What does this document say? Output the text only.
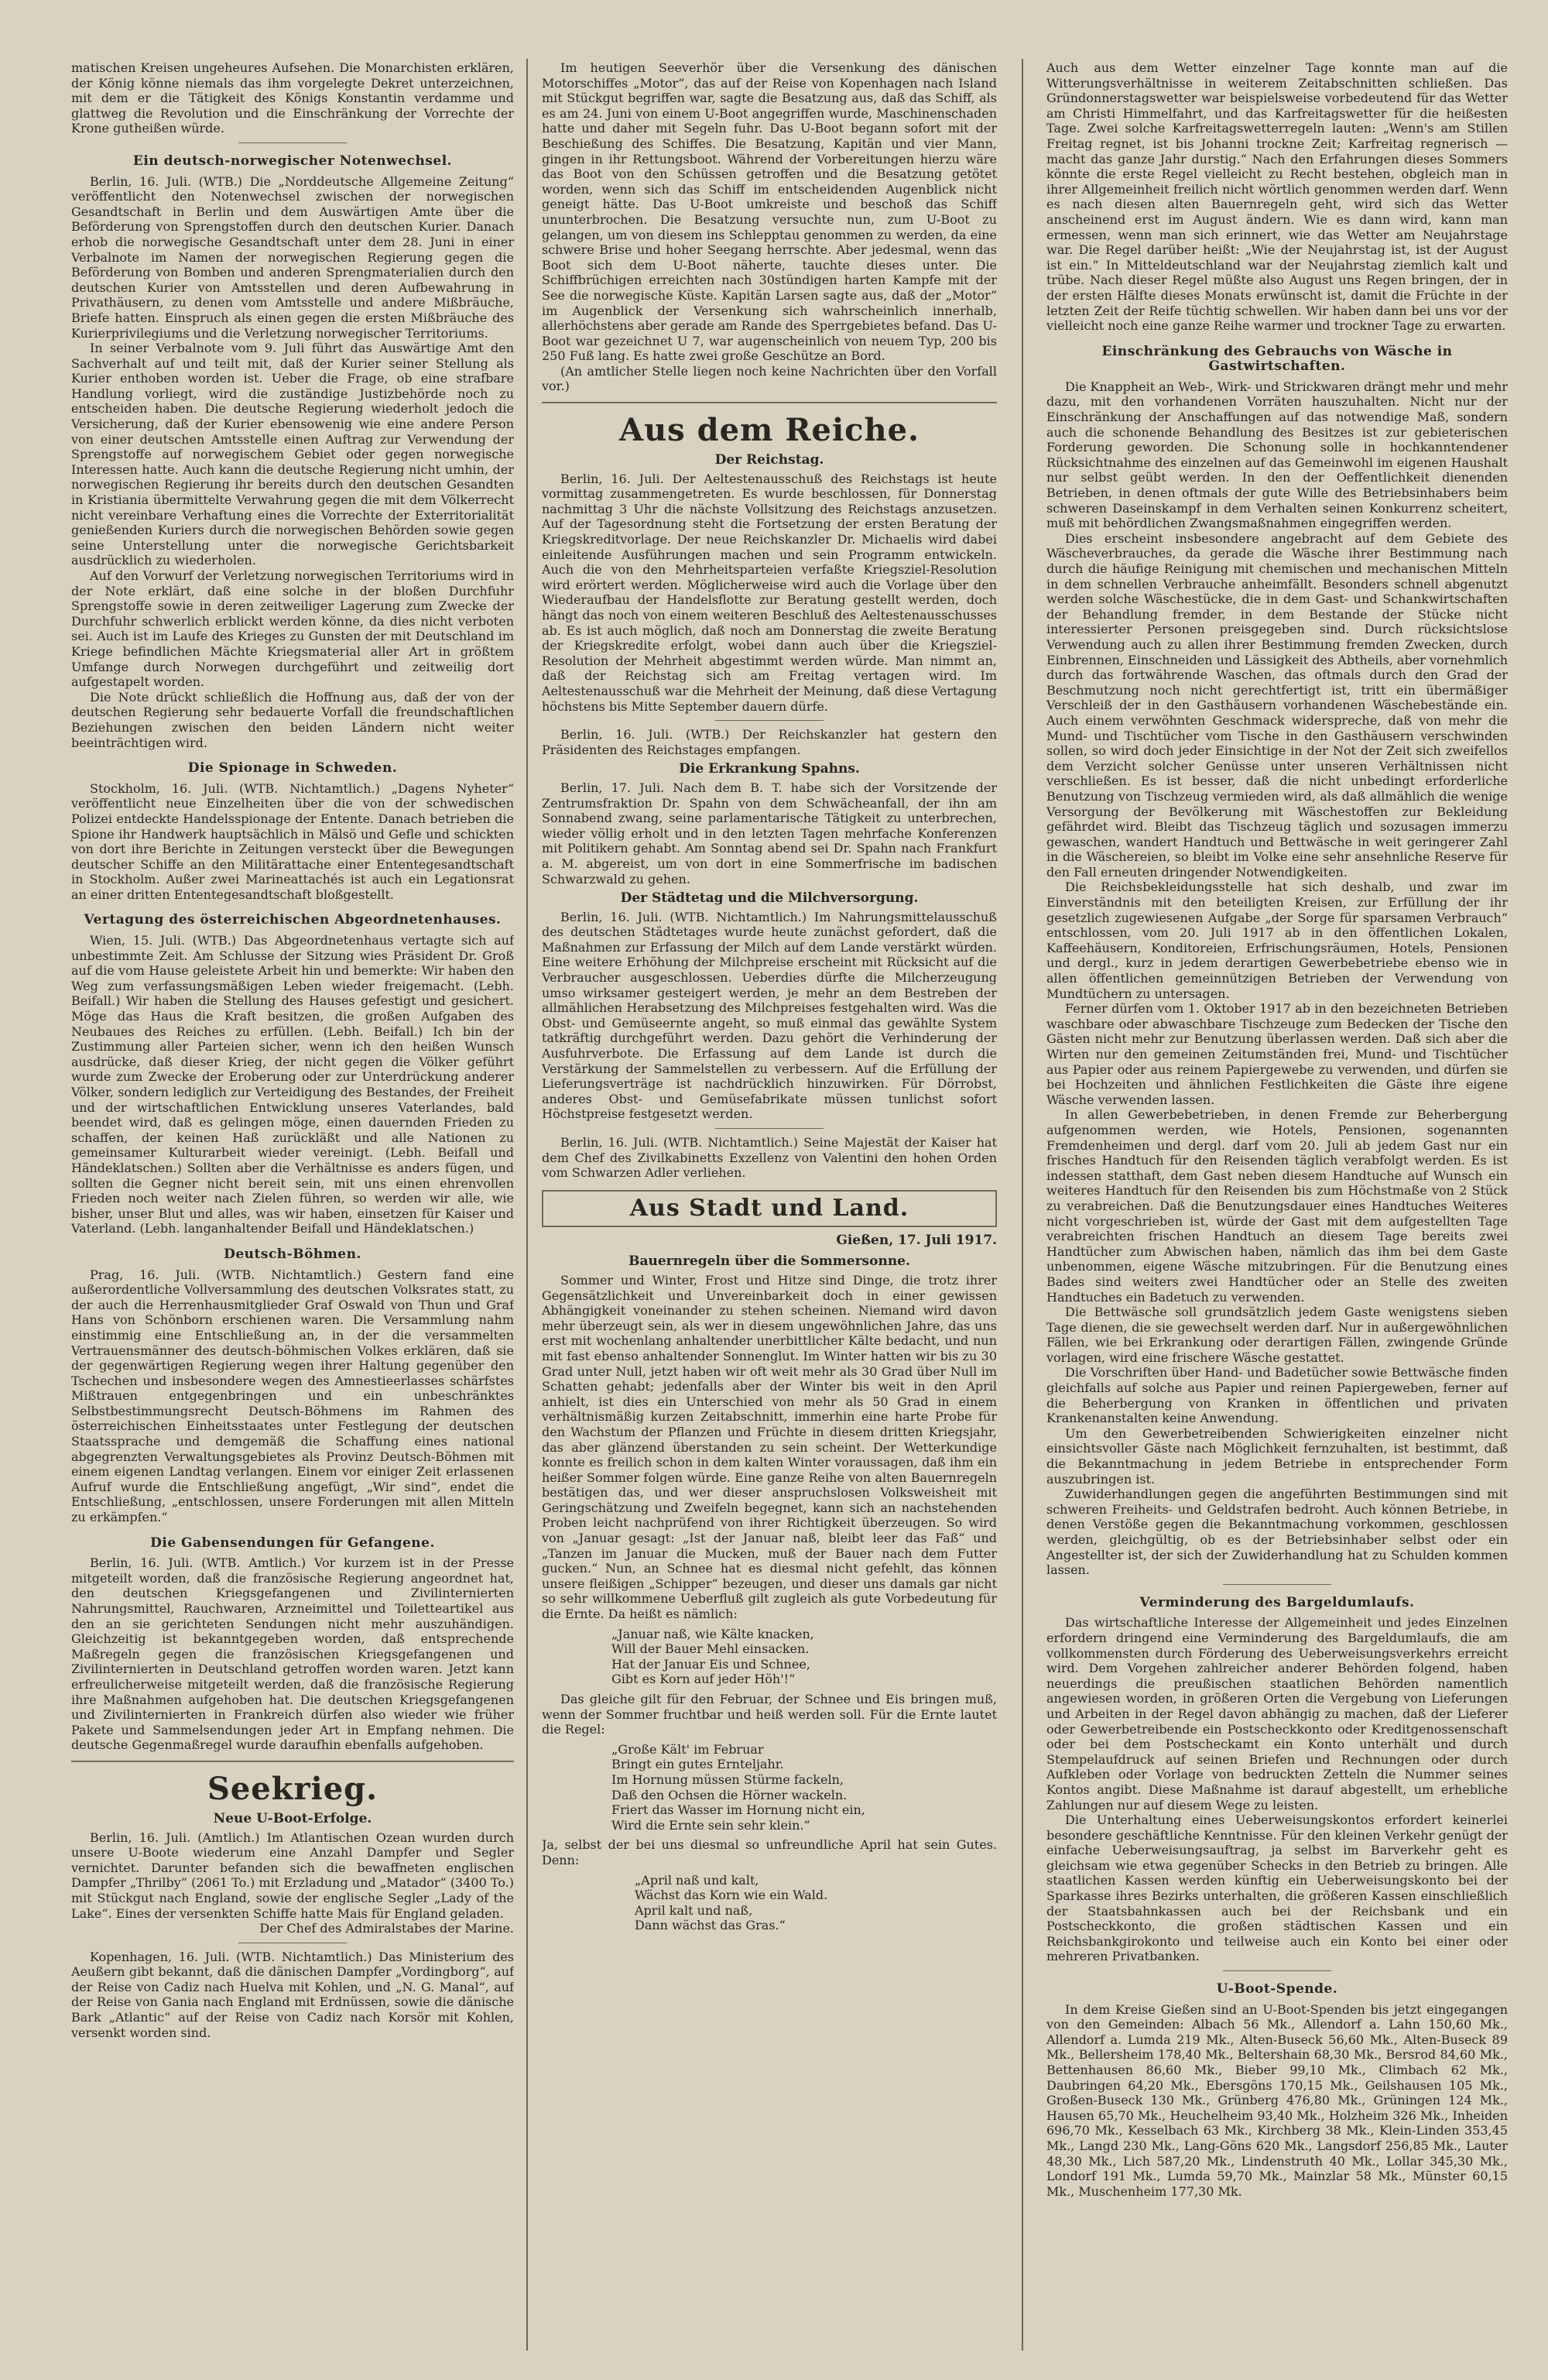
matischen Kreisen ungeheures Aufsehen. Die Monarchisten erklären, der König könne niemals das ihm vorgelegte Dekret unterzeichnen, mit dem er die Tätigkeit des Königs Konstantin verdamme und glattweg die Revolution und die Einschränkung der Vorrechte der Krone gutheißen würde.

Ein deutsch-norwegischer Notenwechsel.

Berlin, 16. Juli. (WTB.) Die „Norddeutsche Allgemeine Zeitung“ veröffentlicht den Notenwechsel zwischen der norwegischen Gesandtschaft in Berlin und dem Auswärtigen Amte über die Beförderung von Sprengstoffen durch den deutschen Kurier. Danach erhob die norwegische Gesandtschaft unter dem 28. Juni in einer Verbalnote im Namen der norwegischen Regierung gegen die Beförderung von Bomben und anderen Sprengmaterialien durch den deutschen Kurier von Amtsstellen und deren Aufbewahrung in Privathäusern, zu denen vom Amtsstelle und andere Mißbräuche, Briefe hatten. Einspruch als einen gegen die ersten Mißbräuche des Kurierprivilegiums und die Verletzung norwegischer Territoriums.

In seiner Verbalnote vom 9. Juli führt das Auswärtige Amt den Sachverhalt auf und teilt mit, daß der Kurier seiner Stellung als Kurier enthoben worden ist. Ueber die Frage, ob eine strafbare Handlung vorliegt, wird die zuständige Justizbehörde noch zu entscheiden haben. Die deutsche Regierung wiederholt jedoch die Versicherung, daß der Kurier ebensowenig wie eine andere Person von einer deutschen Amtsstelle einen Auftrag zur Verwendung der Sprengstoffe auf norwegischem Gebiet oder gegen norwegische Interessen hatte. Auch kann die deutsche Regierung nicht umhin, der norwegischen Regierung ihr bereits durch den deutschen Gesandten in Kristiania übermittelte Verwahrung gegen die mit dem Völkerrecht nicht vereinbare Verhaftung eines die Vorrechte der Exterritorialität genießenden Kuriers durch die norwegischen Behörden sowie gegen seine Unterstellung unter die norwegische Gerichtsbarkeit ausdrücklich zu wiederholen.

Auf den Vorwurf der Verletzung norwegischen Territoriums wird in der Note erklärt, daß eine solche in der bloßen Durchfuhr Sprengstoffe sowie in deren zeitweiliger Lagerung zum Zwecke der Durchfuhr schwerlich erblickt werden könne, da dies nicht verboten sei. Auch ist im Laufe des Krieges zu Gunsten der mit Deutschland im Kriege befindlichen Mächte Kriegsmaterial aller Art in größtem Umfange durch Norwegen durchgeführt und zeitweilig dort aufgestapelt worden.

Die Note drückt schließlich die Hoffnung aus, daß der von der deutschen Regierung sehr bedauerte Vorfall die freundschaftlichen Beziehungen zwischen den beiden Ländern nicht weiter beeinträchtigen wird.

Die Spionage in Schweden.

Stockholm, 16. Juli. (WTB. Nichtamtlich.) „Dagens Nyheter“ veröffentlicht neue Einzelheiten über die von der schwedischen Polizei entdeckte Handelsspionage der Entente. Danach betrieben die Spione ihr Handwerk hauptsächlich in Mälsö und Gefle und schickten von dort ihre Berichte in Zeitungen versteckt über die Bewegungen deutscher Schiffe an den Militärattache einer Ententegesandtschaft in Stockholm. Außer zwei Marineattachés ist auch ein Legationsrat an einer dritten Ententegesandtschaft bloßgestellt.

Vertagung des österreichischen Abgeordnetenhauses.

Wien, 15. Juli. (WTB.) Das Abgeordnetenhaus vertagte sich auf unbestimmte Zeit. Am Schlusse der Sitzung wies Präsident Dr. Groß auf die vom Hause geleistete Arbeit hin und bemerkte: Wir haben den Weg zum verfassungsmäßigen Leben wieder freigemacht. (Lebh. Beifall.) Wir haben die Stellung des Hauses gefestigt und gesichert. Möge das Haus die Kraft besitzen, die großen Aufgaben des Neubaues des Reiches zu erfüllen. (Lebh. Beifall.) Ich bin der Zustimmung aller Parteien sicher, wenn ich den heißen Wunsch ausdrücke, daß dieser Krieg, der nicht gegen die Völker geführt wurde zum Zwecke der Eroberung oder zur Unterdrückung anderer Völker, sondern lediglich zur Verteidigung des Bestandes, der Freiheit und der wirtschaftlichen Entwicklung unseres Vaterlandes, bald beendet wird, daß es gelingen möge, einen dauernden Frieden zu schaffen, der keinen Haß zurückläßt und alle Nationen zu gemeinsamer Kulturarbeit wieder vereinigt. (Lebh. Beifall und Händeklatschen.) Sollten aber die Verhältnisse es anders fügen, und sollten die Gegner nicht bereit sein, mit uns einen ehrenvollen Frieden noch weiter nach Zielen führen, so werden wir alle, wie bisher, unser Blut und alles, was wir haben, einsetzen für Kaiser und Vaterland. (Lebh. langanhaltender Beifall und Händeklatschen.)

Deutsch-Böhmen.

Prag, 16. Juli. (WTB. Nichtamtlich.) Gestern fand eine außerordentliche Vollversammlung des deutschen Volksrates statt, zu der auch die Herrenhausmitglieder Graf Oswald von Thun und Graf Hans von Schönborn erschienen waren. Die Versammlung nahm einstimmig eine Entschließung an, in der die versammelten Vertrauensmänner des deutsch-böhmischen Volkes erklären, daß sie der gegenwärtigen Regierung wegen ihrer Haltung gegenüber den Tschechen und insbesondere wegen des Amnestieerlasses schärfstes Mißtrauen entgegenbringen und ein unbeschränktes Selbstbestimmungsrecht Deutsch-Böhmens im Rahmen des österreichischen Einheitsstaates unter Festlegung der deutschen Staatssprache und demgemäß die Schaffung eines national abgegrenzten Verwaltungsgebietes als Provinz Deutsch-Böhmen mit einem eigenen Landtag verlangen. Einem vor einiger Zeit erlassenen Aufruf wurde die Entschließung angefügt, „Wir sind“, endet die Entschließung, „entschlossen, unsere Forderungen mit allen Mitteln zu erkämpfen.“

Die Gabensendungen für Gefangene.

Berlin, 16. Juli. (WTB. Amtlich.) Vor kurzem ist in der Presse mitgeteilt worden, daß die französische Regierung angeordnet hat, den deutschen Kriegsgefangenen und Zivilinternierten Nahrungsmittel, Rauchwaren, Arzneimittel und Toiletteartikel aus den an sie gerichteten Sendungen nicht mehr auszuhändigen. Gleichzeitig ist bekanntgegeben worden, daß entsprechende Maßregeln gegen die französischen Kriegsgefangenen und Zivilinternierten in Deutschland getroffen worden waren. Jetzt kann erfreulicherweise mitgeteilt werden, daß die französische Regierung ihre Maßnahmen aufgehoben hat. Die deutschen Kriegsgefangenen und Zivilinternierten in Frankreich dürfen also wieder wie früher Pakete und Sammelsendungen jeder Art in Empfang nehmen. Die deutsche Gegenmaßregel wurde daraufhin ebenfalls aufgehoben.

Seekrieg.
Neue U-Boot-Erfolge.

Berlin, 16. Juli. (Amtlich.) Im Atlantischen Ozean wurden durch unsere U-Boote wiederum eine Anzahl Dampfer und Segler vernichtet. Darunter befanden sich die bewaffneten englischen Dampfer „Thrilby“ (2061 To.) mit Erzladung und „Matador“ (3400 To.) mit Stückgut nach England, sowie der englische Segler „Lady of the Lake“. Eines der versenkten Schiffe hatte Mais für England geladen.

Der Chef des Admiralstabes der Marine.

Kopenhagen, 16. Juli. (WTB. Nichtamtlich.) Das Ministerium des Aeußern gibt bekannt, daß die dänischen Dampfer „Vordingborg“, auf der Reise von Cadiz nach Huelva mit Kohlen, und „N. G. Manal“, auf der Reise von Gania nach England mit Erdnüssen, sowie die dänische Bark „Atlantic“ auf der Reise von Cadiz nach Korsör mit Kohlen, versenkt worden sind.

Im heutigen Seeverhör über die Versenkung des dänischen Motorschiffes „Motor“, das auf der Reise von Kopenhagen nach Island mit Stückgut begriffen war, sagte die Besatzung aus, daß das Schiff, als es am 24. Juni von einem U-Boot angegriffen wurde, Maschinenschaden hatte und daher mit Segeln fuhr. Das U-Boot begann sofort mit der Beschießung des Schiffes. Die Besatzung, Kapitän und vier Mann, gingen in ihr Rettungsboot. Während der Vorbereitungen hierzu wäre das Boot von den Schüssen getroffen und die Besatzung getötet worden, wenn sich das Schiff im entscheidenden Augenblick nicht geneigt hätte. Das U-Boot umkreiste und beschoß das Schiff ununterbrochen. Die Besatzung versuchte nun, zum U-Boot zu gelangen, um von diesem ins Schlepptau genommen zu werden, da eine schwere Brise und hoher Seegang herrschte. Aber jedesmal, wenn das Boot sich dem U-Boot näherte, tauchte dieses unter. Die Schiffbrüchigen erreichten nach 30stündigen harten Kampfe mit der See die norwegische Küste. Kapitän Larsen sagte aus, daß der „Motor“ im Augenblick der Versenkung sich wahrscheinlich innerhalb, allerhöchstens aber gerade am Rande des Sperrgebietes befand. Das U-Boot war gezeichnet U 7, war augenscheinlich von neuem Typ, 200 bis 250 Fuß lang. Es hatte zwei große Geschütze an Bord.

(An amtlicher Stelle liegen noch keine Nachrichten über den Vorfall vor.)

Aus dem Reiche.
Der Reichstag.

Berlin, 16. Juli. Der Aeltestenausschuß des Reichstags ist heute vormittag zusammengetreten. Es wurde beschlossen, für Donnerstag nachmittag 3 Uhr die nächste Vollsitzung des Reichstags anzusetzen. Auf der Tagesordnung steht die Fortsetzung der ersten Beratung der Kriegskreditvorlage. Der neue Reichskanzler Dr. Michaelis wird dabei einleitende Ausführungen machen und sein Programm entwickeln. Auch die von den Mehrheitsparteien verfaßte Kriegsziel-Resolution wird erörtert werden. Möglicherweise wird auch die Vorlage über den Wiederaufbau der Handelsflotte zur Beratung gestellt werden, doch hängt das noch von einem weiteren Beschluß des Aeltestenausschusses ab. Es ist auch möglich, daß noch am Donnerstag die zweite Beratung der Kriegskredite erfolgt, wobei dann auch über die Kriegsziel-Resolution der Mehrheit abgestimmt werden würde. Man nimmt an, daß der Reichstag sich am Freitag vertagen wird. Im Aeltestenausschuß war die Mehrheit der Meinung, daß diese Vertagung höchstens bis Mitte September dauern dürfe.

Berlin, 16. Juli. (WTB.) Der Reichskanzler hat gestern den Präsidenten des Reichstages empfangen.

Die Erkrankung Spahns.

Berlin, 17. Juli. Nach dem B. T. habe sich der Vorsitzende der Zentrumsfraktion Dr. Spahn von dem Schwächeanfall, der ihn am Sonnabend zwang, seine parlamentarische Tätigkeit zu unterbrechen, wieder völlig erholt und in den letzten Tagen mehrfache Konferenzen mit Politikern gehabt. Am Sonntag abend sei Dr. Spahn nach Frankfurt a. M. abgereist, um von dort in eine Sommerfrische im badischen Schwarzwald zu gehen.

Der Städtetag und die Milchversorgung.

Berlin, 16. Juli. (WTB. Nichtamtlich.) Im Nahrungsmittelausschuß des deutschen Städtetages wurde heute zunächst gefordert, daß die Maßnahmen zur Erfassung der Milch auf dem Lande verstärkt würden. Eine weitere Erhöhung der Milchpreise erscheint mit Rücksicht auf die Verbraucher ausgeschlossen. Ueberdies dürfte die Milcherzeugung umso wirksamer gesteigert werden, je mehr an dem Bestreben der allmählichen Herabsetzung des Milchpreises festgehalten wird. Was die Obst- und Gemüseernte angeht, so muß einmal das gewählte System tatkräftig durchgeführt werden. Dazu gehört die Verhinderung der Ausfuhrverbote. Die Erfassung auf dem Lande ist durch die Verstärkung der Sammelstellen zu verbessern. Auf die Erfüllung der Lieferungsverträge ist nachdrücklich hinzuwirken. Für Dörrobst, anderes Obst- und Gemüsefabrikate müssen tunlichst sofort Höchstpreise festgesetzt werden.

Berlin, 16. Juli. (WTB. Nichtamtlich.) Seine Majestät der Kaiser hat dem Chef des Zivilkabinetts Exzellenz von Valentini den hohen Orden vom Schwarzen Adler verliehen.

Aus Stadt und Land.
Gießen, 17. Juli 1917.
Bauernregeln über die Sommersonne.

Sommer und Winter, Frost und Hitze sind Dinge, die trotz ihrer Gegensätzlichkeit und Unvereinbarkeit doch in einer gewissen Abhängigkeit voneinander zu stehen scheinen. Niemand wird davon mehr überzeugt sein, als wer in diesem ungewöhnlichen Jahre, das uns erst mit wochenlang anhaltender unerbittlicher Kälte bedacht, und nun mit fast ebenso anhaltender Sonnenglut. Im Winter hatten wir bis zu 30 Grad unter Null, jetzt haben wir oft weit mehr als 30 Grad über Null im Schatten gehabt; jedenfalls aber der Winter bis weit in den April anhielt, ist dies ein Unterschied von mehr als 50 Grad in einem verhältnismäßig kurzen Zeitabschnitt, immerhin eine harte Probe für den Wachstum der Pflanzen und Früchte in diesem dritten Kriegsjahr, das aber glänzend überstanden zu sein scheint. Der Wetterkundige konnte es freilich schon in dem kalten Winter voraussagen, daß ihm ein heißer Sommer folgen würde. Eine ganze Reihe von alten Bauernregeln bestätigen das, und wer dieser anspruchslosen Volksweisheit mit Geringschätzung und Zweifeln begegnet, kann sich an nachstehenden Proben leicht nachprüfend von ihrer Richtigkeit überzeugen. So wird von „Januar gesagt: „Ist der Januar naß, bleibt leer das Faß“ und „Tanzen im Januar die Mucken, muß der Bauer nach dem Futter gucken.“ Nun, an Schnee hat es diesmal nicht gefehlt, das können unsere fleißigen „Schipper“ bezeugen, und dieser uns damals gar nicht so sehr willkommene Ueberfluß gilt zugleich als gute Vorbedeutung für die Ernte. Da heißt es nämlich:

„Januar naß, wie Kälte knacken,
Will der Bauer Mehl einsacken.
Hat der Januar Eis und Schnee,
Gibt es Korn auf jeder Höh'!“

Das gleiche gilt für den Februar, der Schnee und Eis bringen muß, wenn der Sommer fruchtbar und heiß werden soll. Für die Ernte lautet die Regel:

„Große Kält' im Februar
Bringt ein gutes Ernteljahr.
Im Hornung müssen Stürme fackeln,
Daß den Ochsen die Hörner wackeln.
Friert das Wasser im Hornung nicht ein,
Wird die Ernte sein sehr klein.“

Ja, selbst der bei uns diesmal so unfreundliche April hat sein Gutes. Denn:

„April naß und kalt,
Wächst das Korn wie ein Wald.
April kalt und naß,
Dann wächst das Gras.“

Auch aus dem Wetter einzelner Tage konnte man auf die Witterungsverhältnisse in weiterem Zeitabschnitten schließen. Das Gründonnerstagswetter war beispielsweise vorbedeutend für das Wetter am Christi Himmelfahrt, und das Karfreitagswetter für die heißesten Tage. Zwei solche Karfreitagswetterregeln lauten: „Wenn's am Stillen Freitag regnet, ist bis Johanni trockne Zeit; Karfreitag regnerisch — macht das ganze Jahr durstig.“ Nach den Erfahrungen dieses Sommers könnte die erste Regel vielleicht zu Recht bestehen, obgleich man in ihrer Allgemeinheit freilich nicht wörtlich genommen werden darf. Wenn es nach diesen alten Bauernregeln geht, wird sich das Wetter anscheinend erst im August ändern. Wie es dann wird, kann man ermessen, wenn man sich erinnert, wie das Wetter am Neujahrstage war. Die Regel darüber heißt: „Wie der Neujahrstag ist, ist der August ist ein.“ In Mitteldeutschland war der Neujahrstag ziemlich kalt und trübe. Nach dieser Regel müßte also August uns Regen bringen, der in der ersten Hälfte dieses Monats erwünscht ist, damit die Früchte in der letzten Zeit der Reife tüchtig schwellen. Wir haben dann bei uns vor der vielleicht noch eine ganze Reihe warmer und trockner Tage zu erwarten.

Einschränkung des Gebrauchs von Wäsche in Gastwirtschaften.

Die Knappheit an Web-, Wirk- und Strickwaren drängt mehr und mehr dazu, mit den vorhandenen Vorräten hauszuhalten. Nicht nur der Einschränkung der Anschaffungen auf das notwendige Maß, sondern auch die schonende Behandlung des Besitzes ist zur gebieterischen Forderung geworden. Die Schonung solle in hochkanntendener Rücksichtnahme des einzelnen auf das Gemeinwohl im eigenen Haushalt nur selbst geübt werden. In den der Oeffentlichkeit dienenden Betrieben, in denen oftmals der gute Wille des Betriebsinhabers beim schweren Daseinskampf in dem Verhalten seinen Konkurrenz scheitert, muß mit behördlichen Zwangsmaßnahmen eingegriffen werden.

Dies erscheint insbesondere angebracht auf dem Gebiete des Wäscheverbrauches, da gerade die Wäsche ihrer Bestimmung nach durch die häufige Reinigung mit chemischen und mechanischen Mitteln in dem schnellen Verbrauche anheimfällt. Besonders schnell abgenutzt werden solche Wäschestücke, die in dem Gast- und Schankwirtschaften der Behandlung fremder, in dem Bestande der Stücke nicht interessierter Personen preisgegeben sind. Durch rücksichtslose Verwendung auch zu allen ihrer Bestimmung fremden Zwecken, durch Einbrennen, Einschneiden und Lässigkeit des Abtheils, aber vornehmlich durch das fortwährende Waschen, das oftmals durch den Grad der Beschmutzung noch nicht gerechtfertigt ist, tritt ein übermäßiger Verschleiß der in den Gasthäusern vorhandenen Wäschebestände ein. Auch einem verwöhnten Geschmack widerspreche, daß von mehr die Mund- und Tischtücher vom Tische in den Gasthäusern verschwinden sollen, so wird doch jeder Einsichtige in der Not der Zeit sich zweifellos dem Verzicht solcher Genüsse unter unseren Verhältnissen nicht verschließen. Es ist besser, daß die nicht unbedingt erforderliche Benutzung von Tischzeug vermieden wird, als daß allmählich die wenige Versorgung der Bevölkerung mit Wäschestoffen zur Bekleidung gefährdet wird. Bleibt das Tischzeug täglich und sozusagen immerzu gewaschen, wandert Handtuch und Bettwäsche in weit geringerer Zahl in die Wäschereien, so bleibt im Volke eine sehr ansehnliche Reserve für den Fall erneuten dringender Notwendigkeiten.

Die Reichsbekleidungsstelle hat sich deshalb, und zwar im Einverständnis mit den beteiligten Kreisen, zur Erfüllung der ihr gesetzlich zugewiesenen Aufgabe „der Sorge für sparsamen Verbrauch“ entschlossen, vom 20. Juli 1917 ab in den öffentlichen Lokalen, Kaffeehäusern, Konditoreien, Erfrischungsräumen, Hotels, Pensionen und dergl., kurz in jedem derartigen Gewerbebetriebe ebenso wie in allen öffentlichen gemeinnützigen Betrieben der Verwendung von Mundtüchern zu untersagen.

Ferner dürfen vom 1. Oktober 1917 ab in den bezeichneten Betrieben waschbare oder abwaschbare Tischzeuge zum Bedecken der Tische den Gästen nicht mehr zur Benutzung überlassen werden. Daß sich aber die Wirten nur den gemeinen Zeitumständen frei, Mund- und Tischtücher aus Papier oder aus reinem Papiergewebe zu verwenden, und dürfen sie bei Hochzeiten und ähnlichen Festlichkeiten die Gäste ihre eigene Wäsche verwenden lassen.

In allen Gewerbebetrieben, in denen Fremde zur Beherbergung aufgenommen werden, wie Hotels, Pensionen, sogenannten Fremdenheimen und dergl. darf vom 20. Juli ab jedem Gast nur ein frisches Handtuch für den Reisenden täglich verabfolgt werden. Es ist indessen statthaft, dem Gast neben diesem Handtuche auf Wunsch ein weiteres Handtuch für den Reisenden bis zum Höchstmaße von 2 Stück zu verabreichen. Daß die Benutzungsdauer eines Handtuches Weiteres nicht vorgeschrieben ist, würde der Gast mit dem aufgestellten Tage verabreichten frischen Handtuch an diesem Tage bereits zwei Handtücher zum Abwischen haben, nämlich das ihm bei dem Gaste unbenommen, eigene Wäsche mitzubringen. Für die Benutzung eines Bades sind weiters zwei Handtücher oder an Stelle des zweiten Handtuches ein Badetuch zu verwenden.

Die Bettwäsche soll grundsätzlich jedem Gaste wenigstens sieben Tage dienen, die sie gewechselt werden darf. Nur in außergewöhnlichen Fällen, wie bei Erkrankung oder derartigen Fällen, zwingende Gründe vorlagen, wird eine frischere Wäsche gestattet.

Die Vorschriften über Hand- und Badetücher sowie Bettwäsche finden gleichfalls auf solche aus Papier und reinen Papiergeweben, ferner auf die Beherbergung von Kranken in öffentlichen und privaten Krankenanstalten keine Anwendung.

Um den Gewerbetreibenden Schwierigkeiten einzelner nicht einsichtsvoller Gäste nach Möglichkeit fernzuhalten, ist bestimmt, daß die Bekanntmachung in jedem Betriebe in entsprechender Form auszubringen ist.

Zuwiderhandlungen gegen die angeführten Bestimmungen sind mit schweren Freiheits- und Geldstrafen bedroht. Auch können Betriebe, in denen Verstöße gegen die Bekanntmachung vorkommen, geschlossen werden, gleichgültig, ob es der Betriebsinhaber selbst oder ein Angestellter ist, der sich der Zuwiderhandlung hat zu Schulden kommen lassen.

Verminderung des Bargeldumlaufs.

Das wirtschaftliche Interesse der Allgemeinheit und jedes Einzelnen erfordern dringend eine Verminderung des Bargeldumlaufs, die am vollkommensten durch Förderung des Ueberweisungsverkehrs erreicht wird. Dem Vorgehen zahlreicher anderer Behörden folgend, haben neuerdings die preußischen staatlichen Behörden namentlich angewiesen worden, in größeren Orten die Vergebung von Lieferungen und Arbeiten in der Regel davon abhängig zu machen, daß der Lieferer oder Gewerbetreibende ein Postscheckkonto oder Kreditgenossenschaft oder bei dem Postscheckamt ein Konto unterhält und durch Stempelaufdruck auf seinen Briefen und Rechnungen oder durch Aufkleben oder Vorlage von bedruckten Zetteln die Nummer seines Kontos angibt. Diese Maßnahme ist darauf abgestellt, um erhebliche Zahlungen nur auf diesem Wege zu leisten.

Die Unterhaltung eines Ueberweisungskontos erfordert keinerlei besondere geschäftliche Kenntnisse. Für den kleinen Verkehr genügt der einfache Ueberweisungsauftrag, ja selbst im Barverkehr geht es gleichsam wie etwa gegenüber Schecks in den Betrieb zu bringen. Alle staatlichen Kassen werden künftig ein Ueberweisungskonto bei der Sparkasse ihres Bezirks unterhalten, die größeren Kassen einschließlich der Staatsbahnkassen auch bei der Reichsbank und ein Postscheckkonto, die großen städtischen Kassen und ein Reichsbankgirokonto und teilweise auch ein Konto bei einer oder mehreren Privatbanken.

U-Boot-Spende.

In dem Kreise Gießen sind an U-Boot-Spenden bis jetzt eingegangen von den Gemeinden: Albach 56 Mk., Allendorf a. Lahn 150,60 Mk., Allendorf a. Lumda 219 Mk., Alten-Buseck 56,60 Mk., Alten-Buseck 89 Mk., Bellersheim 178,40 Mk., Beltershain 68,30 Mk., Bersrod 84,60 Mk., Bettenhausen 86,60 Mk., Bieber 99,10 Mk., Climbach 62 Mk., Daubringen 64,20 Mk., Ebersgöns 170,15 Mk., Geilshausen 105 Mk., Großen-Buseck 130 Mk., Grünberg 476,80 Mk., Grüningen 124 Mk., Hausen 65,70 Mk., Heuchelheim 93,40 Mk., Holzheim 326 Mk., Inheiden 696,70 Mk., Kesselbach 63 Mk., Kirchberg 38 Mk., Klein-Linden 353,45 Mk., Langd 230 Mk., Lang-Göns 620 Mk., Langsdorf 256,85 Mk., Lauter 48,30 Mk., Lich 587,20 Mk., Lindenstruth 40 Mk., Lollar 345,30 Mk., Londorf 191 Mk., Lumda 59,70 Mk., Mainzlar 58 Mk., Münster 60,15 Mk., Muschenheim 177,30 Mk.
